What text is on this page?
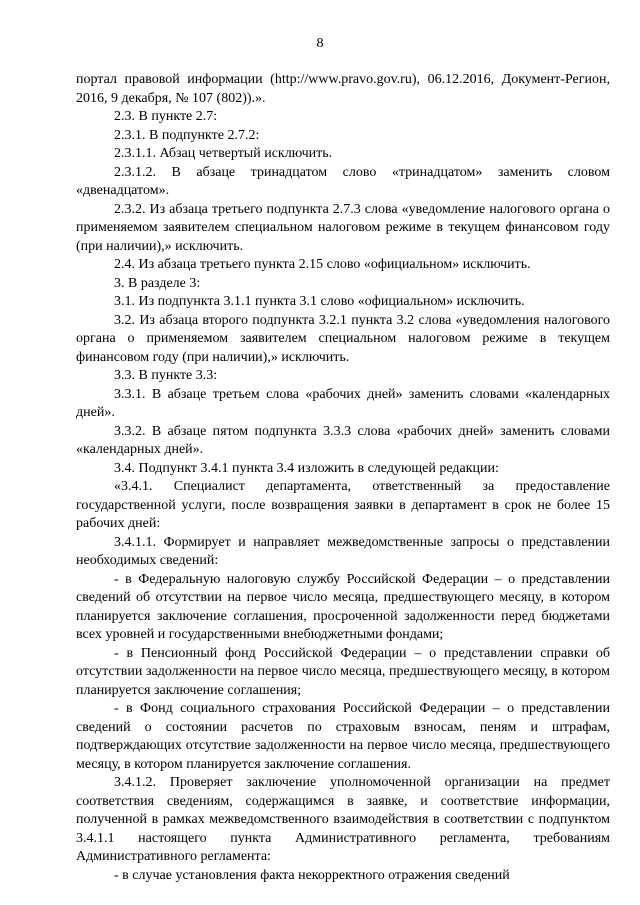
8

портал правовой информации (http://www.pravo.gov.ru), 06.12.2016, Документ-Регион, 2016, 9 декабря, № 107 (802)).».

2.3. В пункте 2.7:

2.3.1. В подпункте 2.7.2:

2.3.1.1. Абзац четвертый исключить.

2.3.1.2. В абзаце тринадцатом слово «тринадцатом» заменить словом «двенадцатом».

2.3.2. Из абзаца третьего подпункта 2.7.3 слова «уведомление налогового органа о применяемом заявителем специальном налоговом режиме в текущем финансовом году (при наличии),» исключить.

2.4. Из абзаца третьего пункта 2.15 слово «официальном» исключить.

3. В разделе 3:

3.1. Из подпункта 3.1.1 пункта 3.1 слово «официальном» исключить.

3.2. Из абзаца второго подпункта 3.2.1 пункта 3.2 слова «уведомления налогового органа о применяемом заявителем специальном налоговом режиме в текущем финансовом году (при наличии),» исключить.

3.3. В пункте 3.3:

3.3.1. В абзаце третьем слова «рабочих дней» заменить словами «календарных дней».

3.3.2. В абзаце пятом подпункта 3.3.3 слова «рабочих дней» заменить словами «календарных дней».

3.4. Подпункт 3.4.1 пункта 3.4 изложить в следующей редакции:

«3.4.1. Специалист департамента, ответственный за предоставление государственной услуги, после возвращения заявки в департамент в срок не более 15 рабочих дней:

3.4.1.1. Формирует и направляет межведомственные запросы о представлении необходимых сведений:

- в Федеральную налоговую службу Российской Федерации – о представлении сведений об отсутствии на первое число месяца, предшествующего месяцу, в котором планируется заключение соглашения, просроченной задолженности перед бюджетами всех уровней и государственными внебюджетными фондами;

- в Пенсионный фонд Российской Федерации – о представлении справки об отсутствии задолженности на первое число месяца, предшествующего месяцу, в котором планируется заключение соглашения;

- в Фонд социального страхования Российской Федерации – о представлении сведений о состоянии расчетов по страховым взносам, пеням и штрафам, подтверждающих отсутствие задолженности на первое число месяца, предшествующего месяцу, в котором планируется заключение соглашения.

3.4.1.2. Проверяет заключение уполномоченной организации на предмет соответствия сведениям, содержащимся в заявке, и соответствие информации, полученной в рамках межведомственного взаимодействия в соответствии с подпунктом 3.4.1.1 настоящего пункта Административного регламента, требованиям Административного регламента:

- в случае установления факта некорректного отражения сведений
